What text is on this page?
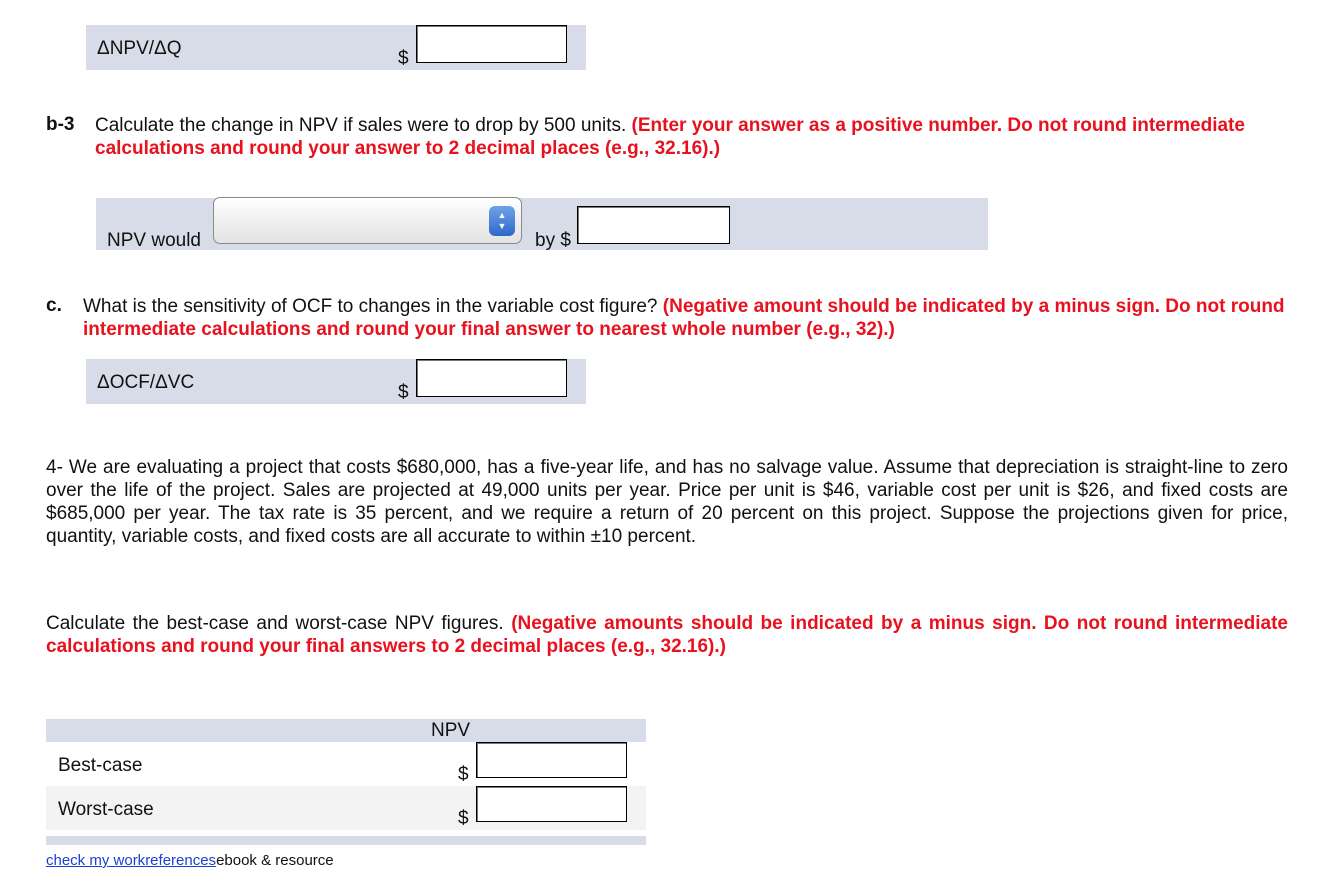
ΔNPV/ΔQ	$
b-3 Calculate the change in NPV if sales were to drop by 500 units. (Enter your answer as a positive number. Do not round intermediate calculations and round your answer to 2 decimal places (e.g., 32.16).)

NPV would
▲
▼
by $
c. What is the sensitivity of OCF to changes in the variable cost figure? (Negative amount should be indicated by a minus sign. Do not round intermediate calculations and round your final answer to nearest whole number (e.g., 32).)

ΔOCF/ΔVC	$

4- We are evaluating a project that costs $680,000, has a five-year life, and has no salvage value. Assume that depreciation is straight-line to zero over the life of the project. Sales are projected at 49,000 units per year. Price per unit is $46, variable cost per unit is $26, and fixed costs are $685,000 per year. The tax rate is 35 percent, and we require a return of 20 percent on this project. Suppose the projections given for price, quantity, variable costs, and fixed costs are all accurate to within ±10 percent.

Calculate the best-case and worst-case NPV figures. (Negative amounts should be indicated by a minus sign. Do not round intermediate calculations and round your final answers to 2 decimal places (e.g., 32.16).)

NPV
Best-case	$
Worst-case	$
check my workreferencesebook & resource
